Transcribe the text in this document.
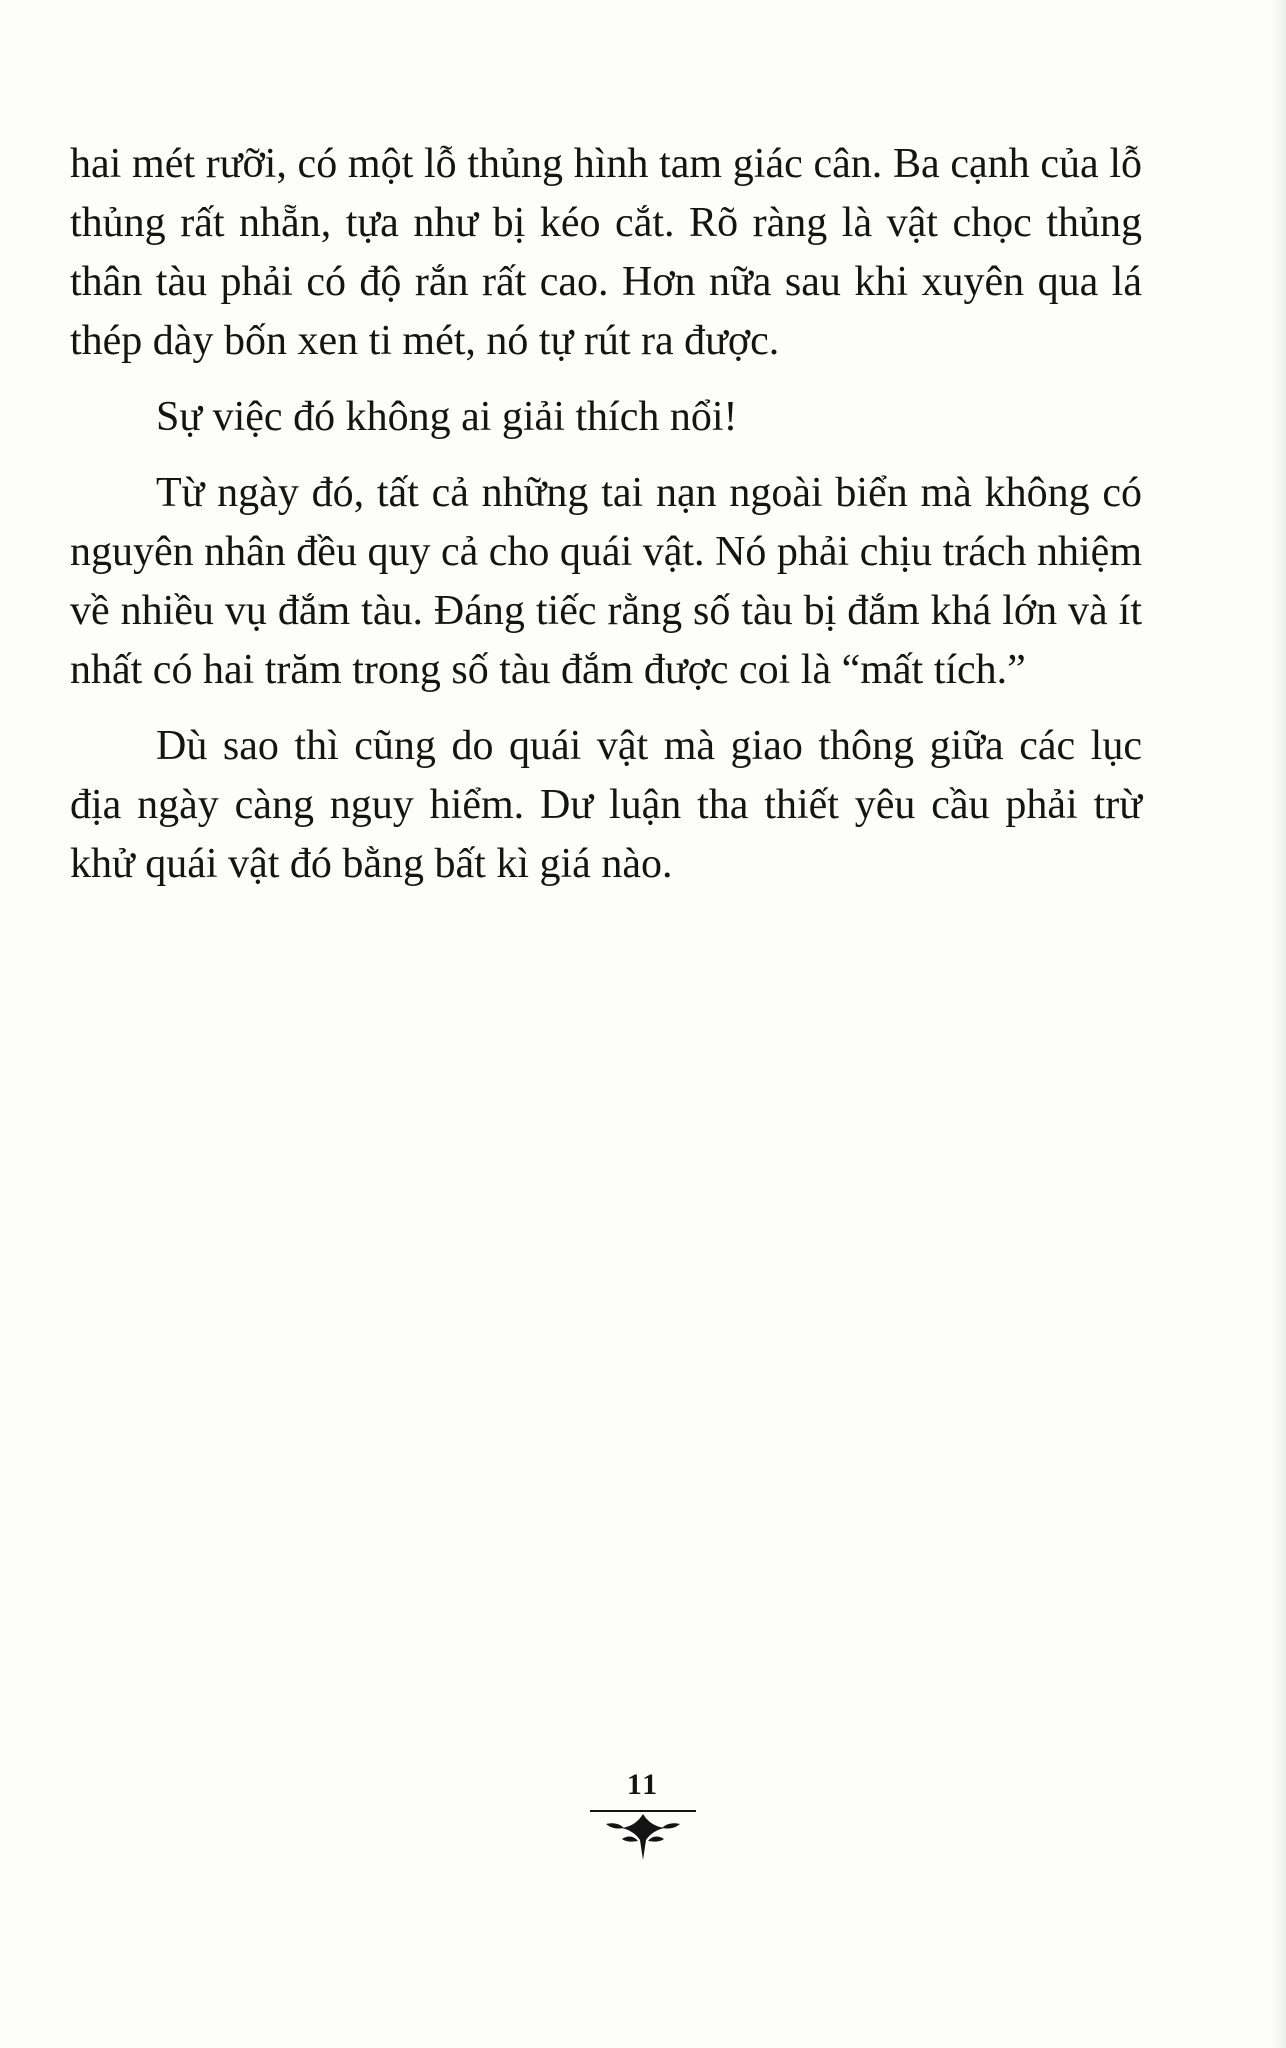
hai mét rưỡi, có một lỗ thủng hình tam giác cân. Ba cạnh của lỗ thủng rất nhẵn, tựa như bị kéo cắt. Rõ ràng là vật chọc thủng thân tàu phải có độ rắn rất cao. Hơn nữa sau khi xuyên qua lá thép dày bốn xen ti mét, nó tự rút ra được.

Sự việc đó không ai giải thích nổi!

Từ ngày đó, tất cả những tai nạn ngoài biển mà không có nguyên nhân đều quy cả cho quái vật. Nó phải chịu trách nhiệm về nhiều vụ đắm tàu. Đáng tiếc rằng số tàu bị đắm khá lớn và ít nhất có hai trăm trong số tàu đắm được coi là “mất tích.”

Dù sao thì cũng do quái vật mà giao thông giữa các lục địa ngày càng nguy hiểm. Dư luận tha thiết yêu cầu phải trừ khử quái vật đó bằng bất kì giá nào.

11
